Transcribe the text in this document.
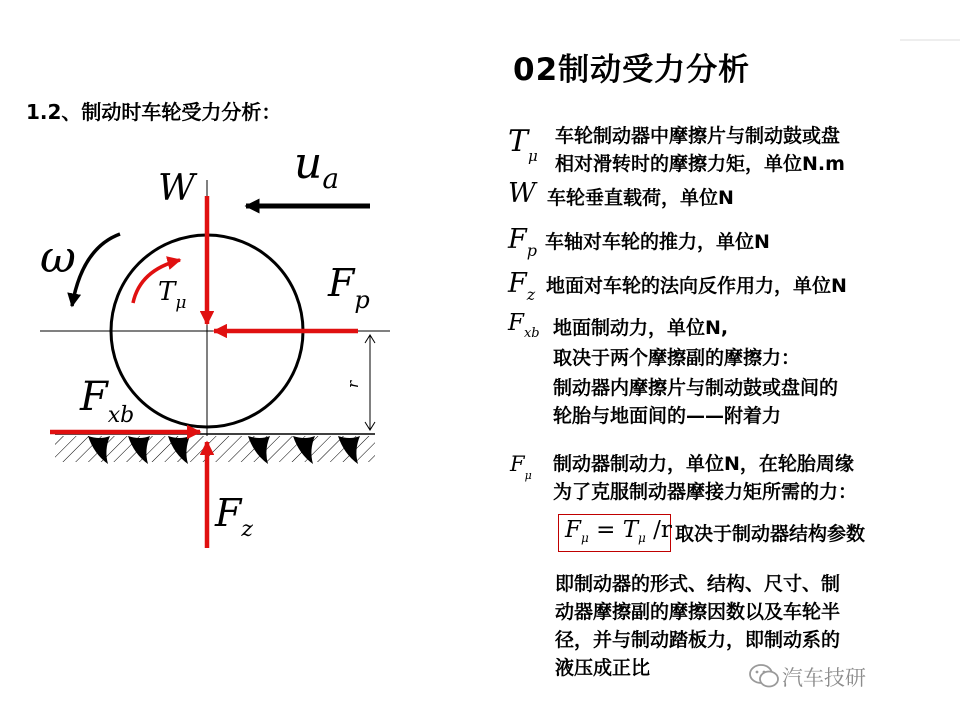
02制动受力分析
1.2、制动时车轮受力分析：
r
$u_a$
W
$F_p$
$F_{xb}$
$F_z$
$T_\mu$
ω
$T_\mu$
车轮制动器中摩擦片与制动鼓或盘
相对滑转时的摩擦力矩，单位N.m
W 车轮垂直载荷，单位N
$F_p$ 车轴对车轮的推力，单位N
$F_z$ 地面对车轮的法向反作用力，单位N
$F_{xb}$ 地面制动力，单位N,
取决于两个摩擦副的摩擦力：
制动器内摩擦片与制动鼓或盘间的
轮胎与地面间的——附着力
$F_\mu$
制动器制动力，单位N，在轮胎周缘
为了克服制动器摩接力矩所需的力：
$F_\mu = T_\mu$ /r 取决于制动器结构参数
即制动器的形式、结构、尺寸、制
动器摩擦副的摩擦因数以及车轮半
径，并与制动踏板力，即制动系的
液压成正比	汽车技研
